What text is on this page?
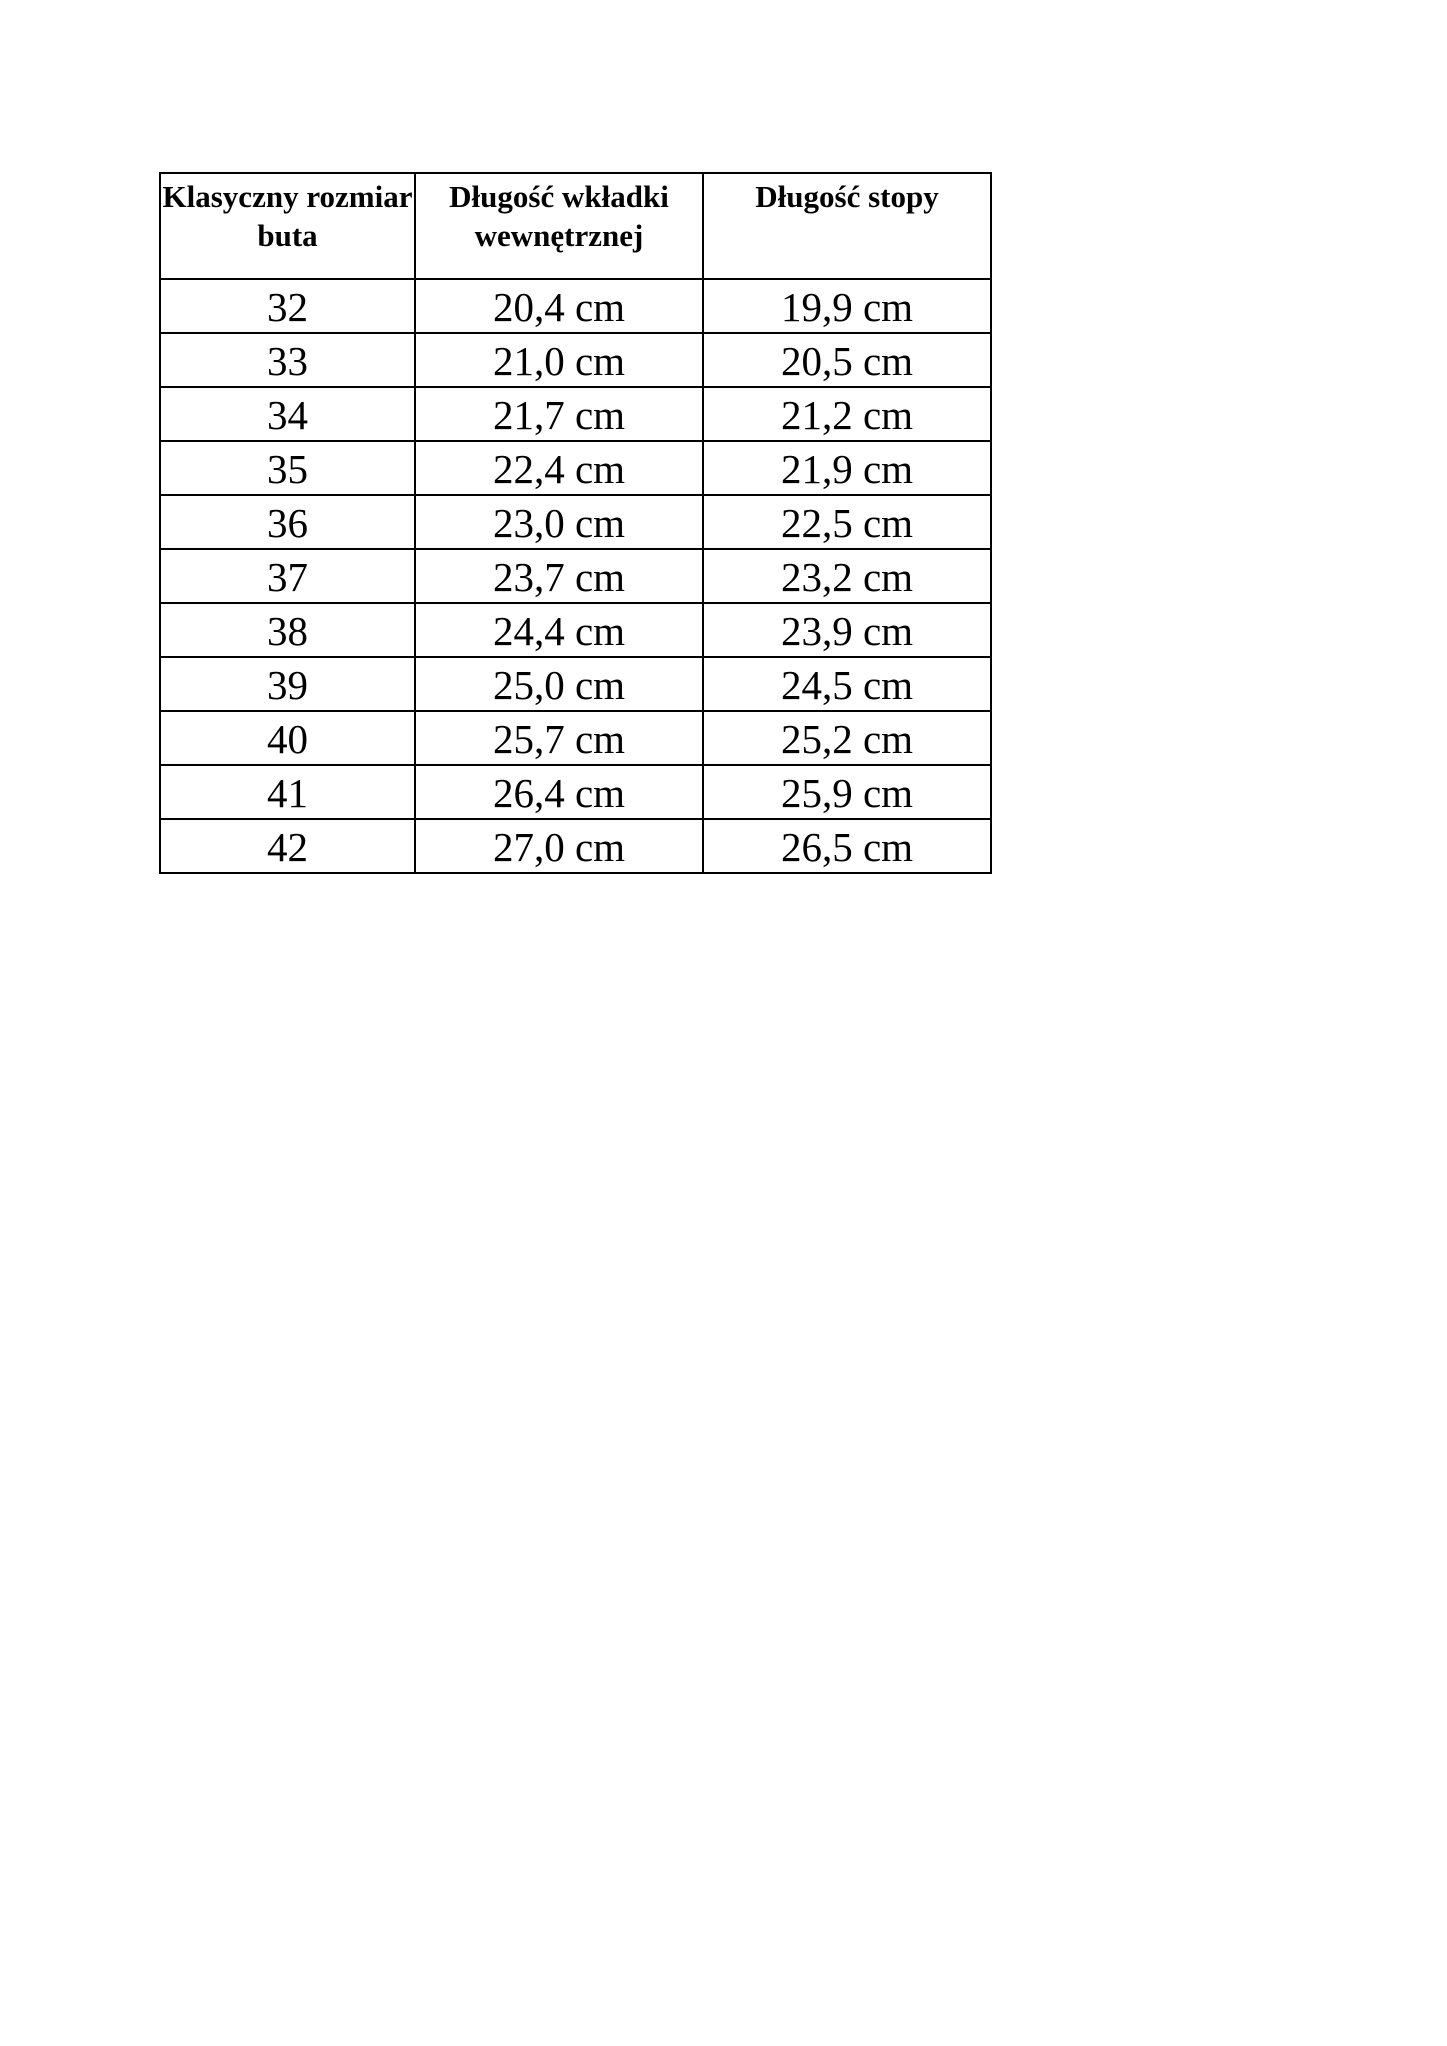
Klasyczny rozmiar buta	Długość wkładki wewnętrznej	Długość stopy
32	20,4 cm	19,9 cm
33	21,0 cm	20,5 cm
34	21,7 cm	21,2 cm
35	22,4 cm	21,9 cm
36	23,0 cm	22,5 cm
37	23,7 cm	23,2 cm
38	24,4 cm	23,9 cm
39	25,0 cm	24,5 cm
40	25,7 cm	25,2 cm
41	26,4 cm	25,9 cm
42	27,0 cm	26,5 cm
